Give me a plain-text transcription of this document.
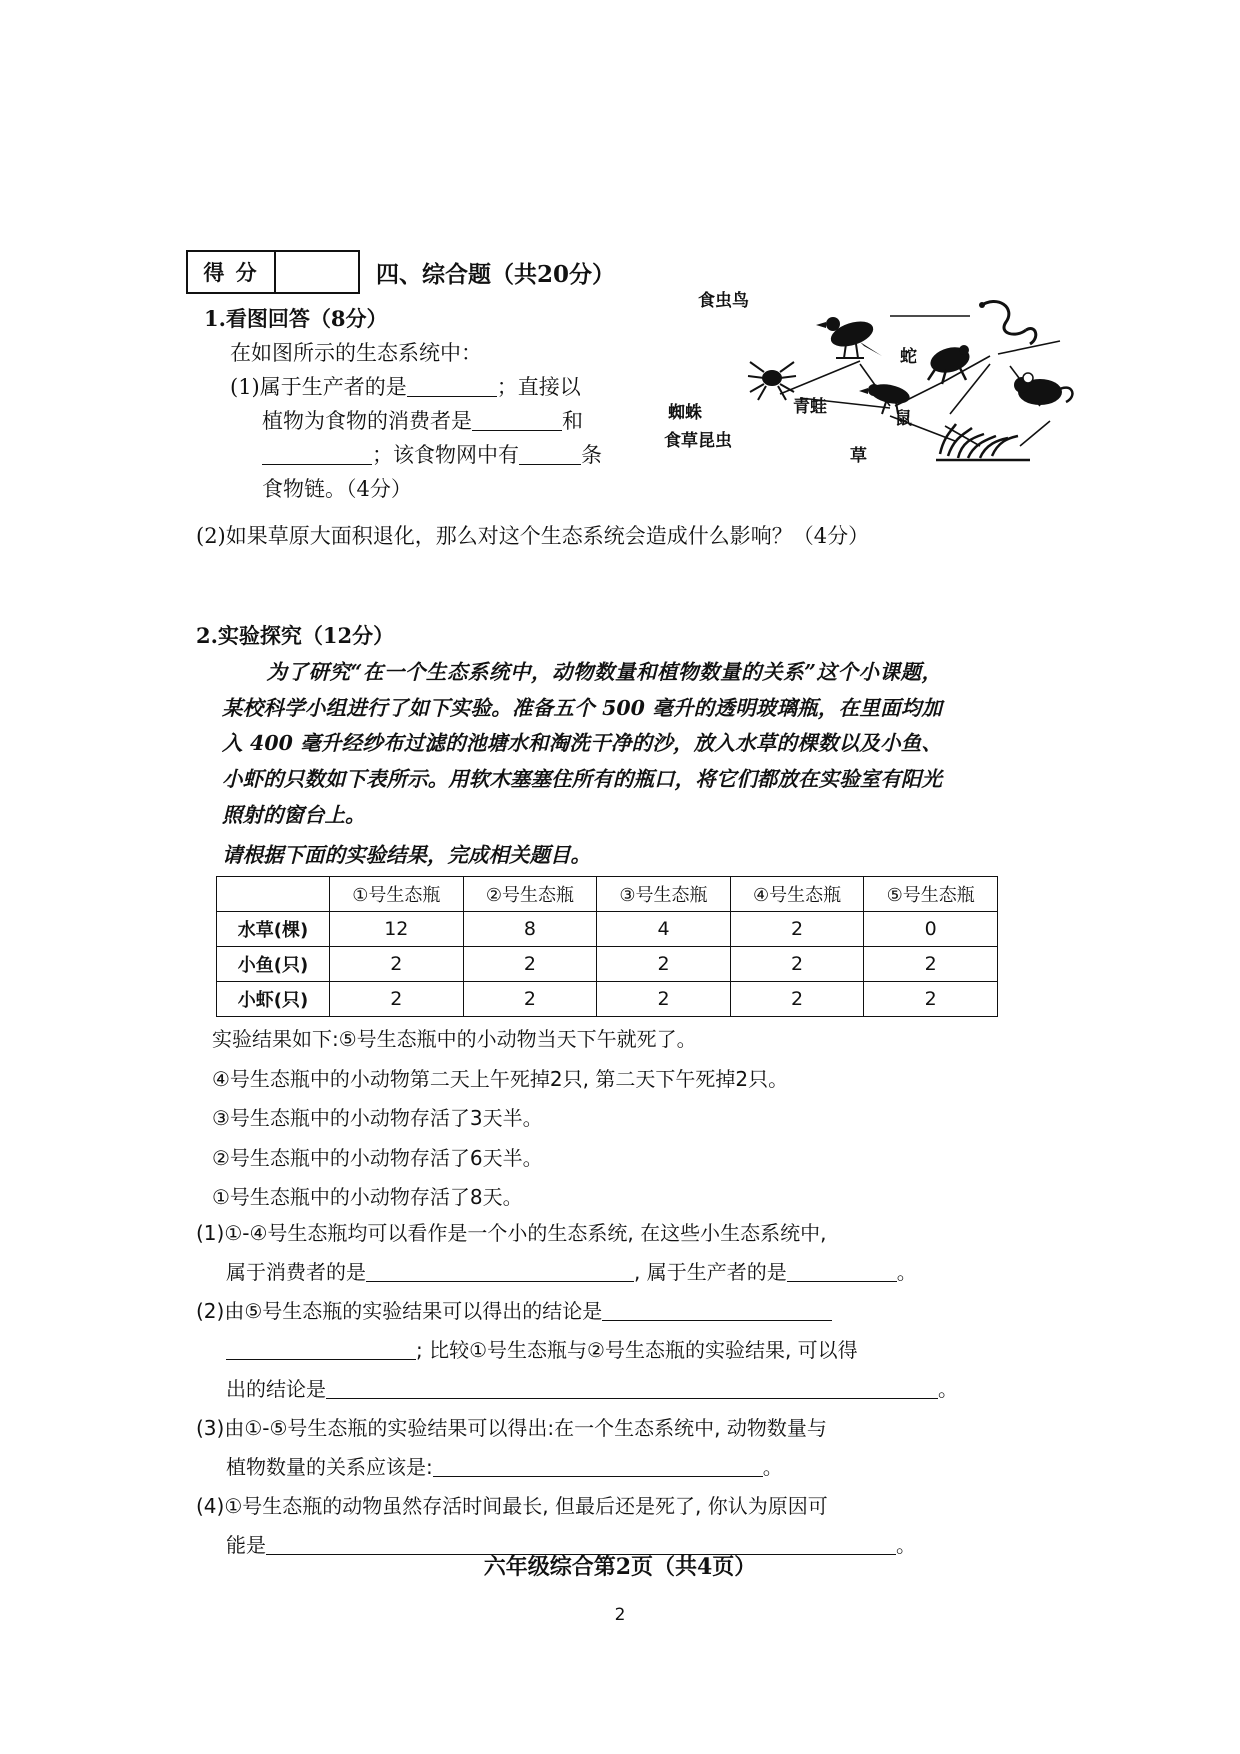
得 分	四、综合题（共20分）
1.看图回答（8分）
在如图所示的生态系统中：
(1)属于生产者的是	；直接以
植物为食物的消费者是	和
；该食物网中有	条
食物链。（4分）
(2)如果草原大面积退化，那么对这个生态系统会造成什么影响？（4分）
食虫鸟
蛇
蜘蛛	青蛙
鼠
食草昆虫
草
2.实验探究（12分）
为了研究“在一个生态系统中，动物数量和植物数量的关系”这个小课题，某校科学小组进行了如下实验。准备五个 500 毫升的透明玻璃瓶，在里面均加入 400 毫升经纱布过滤的池塘水和淘洗干净的沙，放入水草的棵数以及小鱼、小虾的只数如下表所示。用软木塞塞住所有的瓶口，将它们都放在实验室有阳光照射的窗台上。
请根据下面的实验结果，完成相关题目。
	①号生态瓶	②号生态瓶	③号生态瓶	④号生态瓶	⑤号生态瓶
水草(棵)	12	8	4	2	0
小鱼(只)	2	2	2	2	2
小虾(只)	2	2	2	2	2
实验结果如下:⑤号生态瓶中的小动物当天下午就死了。
④号生态瓶中的小动物第二天上午死掉2只, 第二天下午死掉2只。
③号生态瓶中的小动物存活了3天半。
②号生态瓶中的小动物存活了6天半。
①号生态瓶中的小动物存活了8天。

(1)①-④号生态瓶均可以看作是一个小的生态系统, 在这些小生态系统中,

属于消费者的是	, 属于生产者的是	。

(2)由⑤号生态瓶的实验结果可以得出的结论是

; 比较①号生态瓶与②号生态瓶的实验结果, 可以得

出的结论是	。

(3)由①-⑤号生态瓶的实验结果可以得出:在一个生态系统中, 动物数量与

植物数量的关系应该是:	。

(4)①号生态瓶的动物虽然存活时间最长, 但最后还是死了, 你认为原因可

能是	。

六年级综合第2页（共4页）
2
